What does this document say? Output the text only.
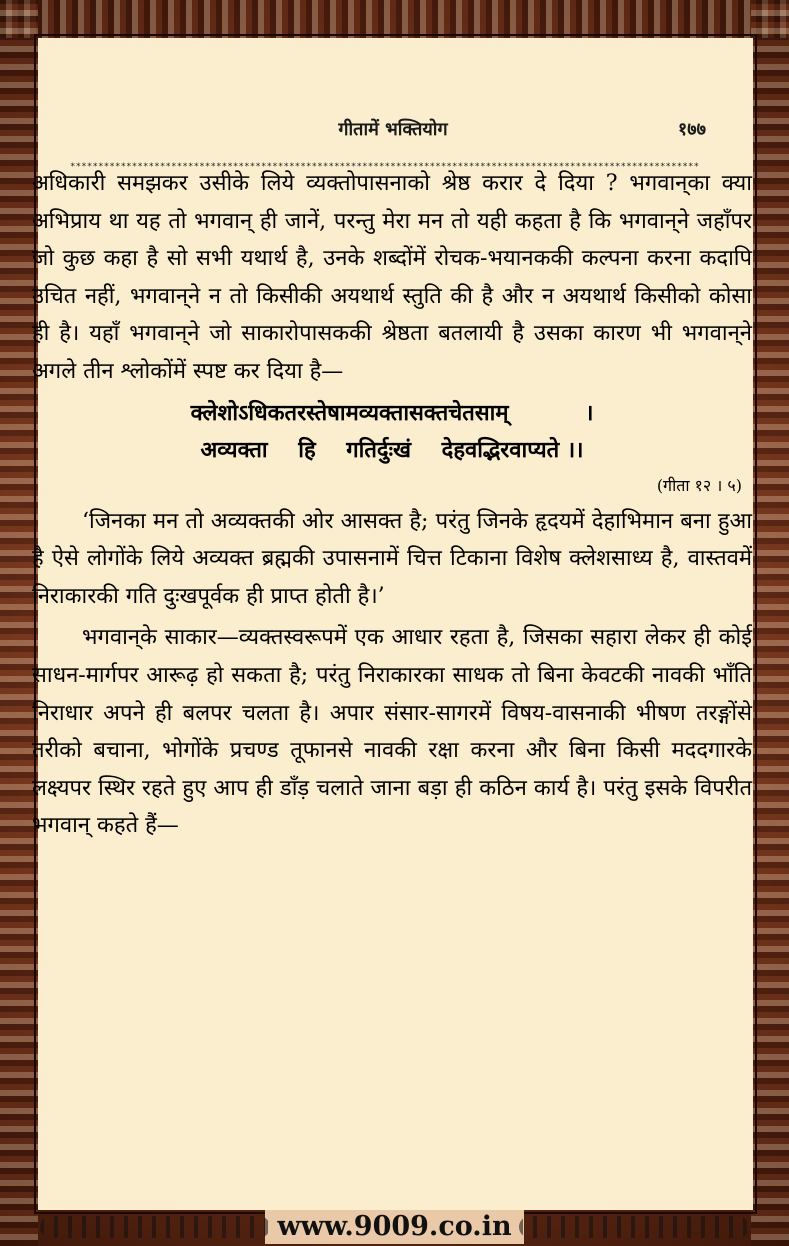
गीतामें भक्तियोग	१७७
****************************************************************************************************************

अधिकारी समझकर उसीके लिये व्यक्तोपासनाको श्रेष्ठ करार दे दिया ? भगवान्‌का क्या अभिप्राय था यह तो भगवान् ही जानें, परन्तु मेरा मन तो यही कहता है कि भगवान्‌ने जहाँपर जो कुछ कहा है सो सभी यथार्थ है, उनके शब्दोंमें रोचक-भयानककी कल्पना करना कदापि उचित नहीं, भगवान्‌ने न तो किसीकी अयथार्थ स्तुति की है और न अयथार्थ किसीको कोसा ही है। यहाँ भगवान्‌ने जो साकारोपासककी श्रेष्ठता बतलायी है उसका कारण भी भगवान्‌ने अगले तीन श्लोकोंमें स्पष्ट कर दिया है—

क्लेशोऽधिकतरस्तेषामव्यक्तासक्तचेतसाम्          ।
अव्यक्ता    हि    गतिर्दुःखं    देहवद्भिरवाप्यते ।।

(गीता १२ । ५)

‘जिनका मन तो अव्यक्तकी ओर आसक्त है; परंतु जिनके हृदयमें देहाभिमान बना हुआ है ऐसे लोगोंके लिये अव्यक्त ब्रह्मकी उपासनामें चित्त टिकाना विशेष क्लेशसाध्य है, वास्तवमें निराकारकी गति दुःखपूर्वक ही प्राप्त होती है।’

भगवान्‌के साकार—व्यक्तस्वरूपमें एक आधार रहता है, जिसका सहारा लेकर ही कोई साधन-मार्गपर आरूढ़ हो सकता है; परंतु निराकारका साधक तो बिना केवटकी नावकी भाँति निराधार अपने ही बलपर चलता है। अपार संसार-सागरमें विषय-वासनाकी भीषण तरङ्गोंसे तरीको बचाना, भोगोंके प्रचण्ड तूफानसे नावकी रक्षा करना और बिना किसी मददगारके लक्ष्यपर स्थिर रहते हुए आप ही डाँड़ चलाते जाना बड़ा ही कठिन कार्य है। परंतु इसके विपरीत भगवान् कहते हैं—

www.9009.co.in
